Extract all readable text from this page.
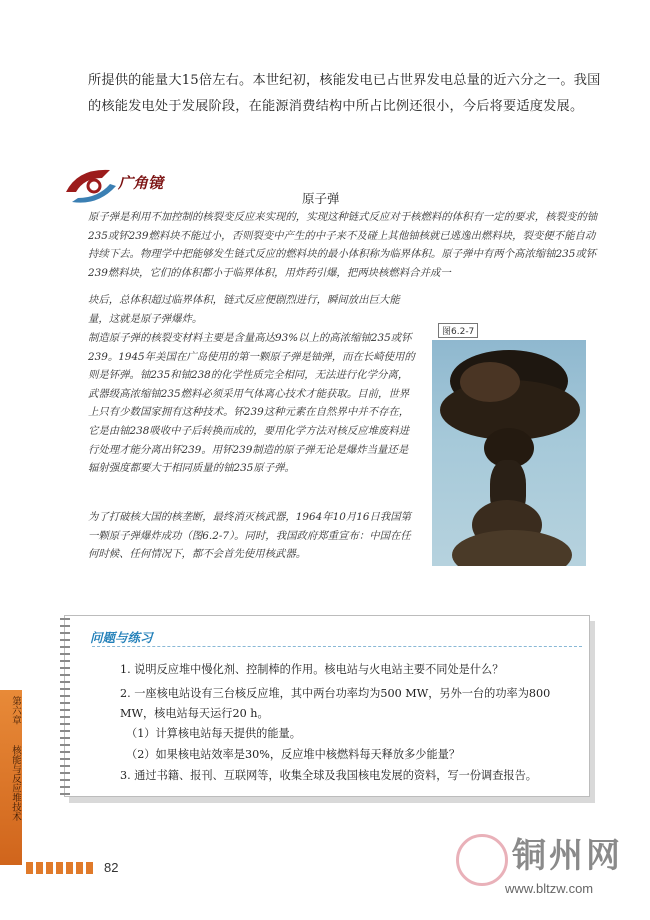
所提供的能量大15倍左右。本世纪初，核能发电已占世界发电总量的近六分之一。我国的核能发电处于发展阶段，在能源消费结构中所占比例还很小，今后将要适度发展。
广角镜
原子弹
原子弹是利用不加控制的核裂变反应来实现的，实现这种链式反应对于核燃料的体积有一定的要求，核裂变的铀235或钚239燃料块不能过小，否则裂变中产生的中子来不及碰上其他铀核就已逃逸出燃料块，裂变便不能自动持续下去。物理学中把能够发生链式反应的燃料块的最小体积称为临界体积。原子弹中有两个高浓缩铀235或钚239燃料块，它们的体积都小于临界体积，用炸药引爆，把两块核燃料合并成一
块后，总体积超过临界体积，链式反应便剧烈进行，瞬间放出巨大能量，这就是原子弹爆炸。
制造原子弹的核裂变材料主要是含量高达93%以上的高浓缩铀235或钚239。1945年美国在广岛使用的第一颗原子弹是铀弹，而在长崎使用的则是钚弹。铀235和铀238的化学性质完全相同，无法进行化学分离，武器级高浓缩铀235燃料必须采用气体离心技术才能获取。目前，世界上只有少数国家拥有这种技术。钚239这种元素在自然界中并不存在，它是由铀238吸收中子后转换而成的，要用化学方法对核反应堆废料进行处理才能分离出钚239。用钚239制造的原子弹无论是爆炸当量还是辐射强度都要大于相同质量的铀235原子弹。
为了打破核大国的核垄断，最终消灭核武器，1964年10月16日我国第一颗原子弹爆炸成功（图6.2-7）。同时，我国政府郑重宣布：中国在任何时候、任何情况下，都不会首先使用核武器。
图6.2-7
问题与练习
1. 说明反应堆中慢化剂、控制棒的作用。核电站与火电站主要不同处是什么？
2. 一座核电站设有三台核反应堆，其中两台功率均为500 MW，另外一台的功率为800 MW，核电站每天运行20 h。
（1）计算核电站每天提供的能量。
（2）如果核电站效率是30%，反应堆中核燃料每天释放多少能量？
3. 通过书籍、报刊、互联网等，收集全球及我国核电发展的资料，写一份调查报告。
第六章
核能与反应堆技术
82	铜州网
www.bltzw.com
